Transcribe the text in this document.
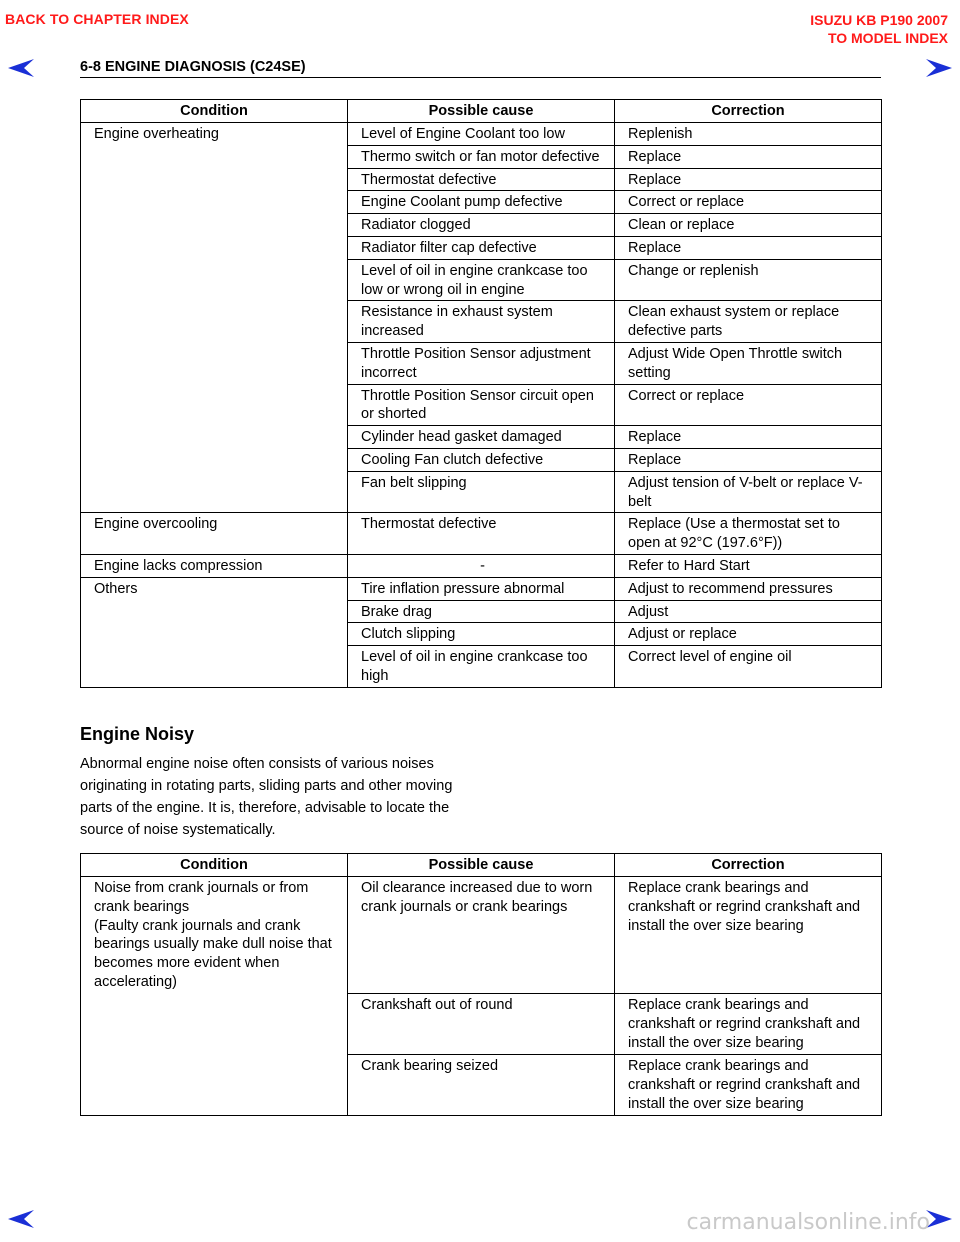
BACK TO CHAPTER INDEX	ISUZU KB P190 2007
TO MODEL INDEX
6-8 ENGINE DIAGNOSIS (C24SE)
Condition	Possible cause	Correction
Engine overheating	Level of Engine Coolant too low	Replenish
	Thermo switch or fan motor defective	Replace
	Thermostat defective	Replace
	Engine Coolant pump defective	Correct or replace
	Radiator clogged	Clean or replace
	Radiator filter cap defective	Replace
	Level of oil in engine crankcase too low or wrong oil in engine	Change or replenish
	Resistance in exhaust system increased	Clean exhaust system or replace defective parts
	Throttle Position Sensor adjustment incorrect	Adjust Wide Open Throttle switch setting
	Throttle Position Sensor circuit open or shorted	Correct or replace
	Cylinder head gasket damaged	Replace
	Cooling Fan clutch defective	Replace
	Fan belt slipping	Adjust tension of V-belt or replace V-belt
Engine overcooling	Thermostat defective	Replace (Use a thermostat set to open at 92°C (197.6°F))
Engine lacks compression	-	Refer to Hard Start
Others	Tire inflation pressure abnormal	Adjust to recommend pressures
	Brake drag	Adjust
	Clutch slipping	Adjust or replace
	Level of oil in engine crankcase too high	Correct level of engine oil
Engine Noisy
Abnormal engine noise often consists of various noises originating in rotating parts, sliding parts and other moving parts of the engine. It is, therefore, advisable to locate the source of noise systematically.
Condition	Possible cause	Correction
Noise from crank journals or from crank bearings
(Faulty crank journals and crank bearings usually make dull noise that becomes more evident when accelerating)	Oil clearance increased due to worn crank journals or crank bearings	Replace crank bearings and crankshaft or regrind crankshaft and install the over size bearing
	Crankshaft out of round	Replace crank bearings and crankshaft or regrind crankshaft and install the over size bearing
	Crank bearing seized	Replace crank bearings and crankshaft or regrind crankshaft and install the over size bearing
carmanualsonline.info
